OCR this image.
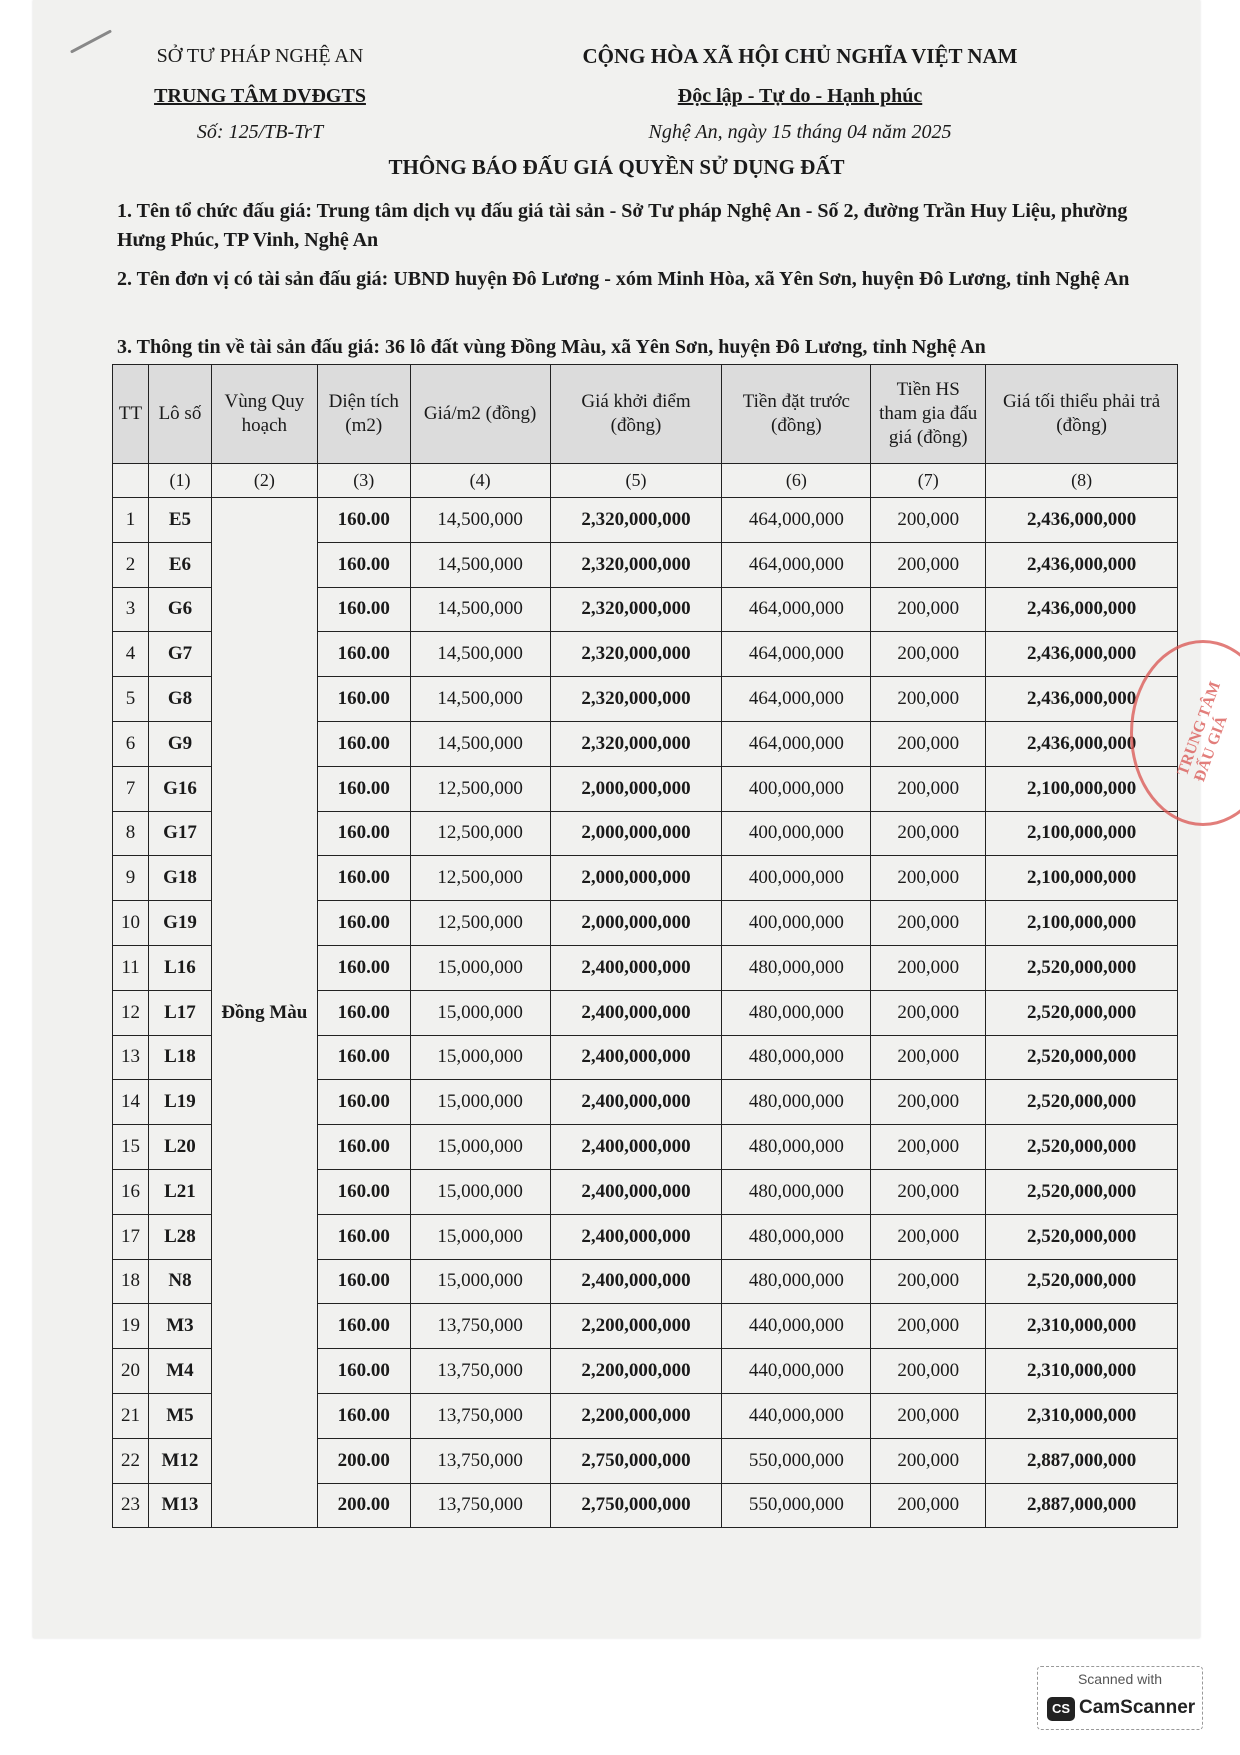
SỞ TƯ PHÁP NGHỆ AN
TRUNG TÂM DVĐGTS
Số: 125/TB-TrT
CỘNG HÒA XÃ HỘI CHỦ NGHĨA VIỆT NAM
Độc lập - Tự do - Hạnh phúc
Nghệ An, ngày 15 tháng 04 năm 2025
THÔNG BÁO ĐẤU GIÁ QUYỀN SỬ DỤNG ĐẤT
1. Tên tổ chức đấu giá: Trung tâm dịch vụ đấu giá tài sản - Sở Tư pháp Nghệ An - Số 2, đường Trần Huy Liệu, phường Hưng Phúc, TP Vinh, Nghệ An
2. Tên đơn vị có tài sản đấu giá: UBND huyện Đô Lương - xóm Minh Hòa, xã Yên Sơn, huyện Đô Lương, tỉnh Nghệ An
3. Thông tin về tài sản đấu giá: 36 lô đất vùng Đồng Màu, xã Yên Sơn, huyện Đô Lương, tỉnh Nghệ An
TT	Lô số	Vùng Quy hoạch	Diện tích (m2)	Giá/m2 (đồng)	Giá khởi điểm (đồng)	Tiền đặt trước (đồng)	Tiền HS tham gia đấu giá (đồng)	Giá tối thiểu phải trả (đồng)
	(1)	(2)	(3)	(4)	(5)	(6)	(7)	(8)
1	E5	Đồng Màu	160.00	14,500,000	2,320,000,000	464,000,000	200,000	2,436,000,000
2	E6		160.00	14,500,000	2,320,000,000	464,000,000	200,000	2,436,000,000
3	G6		160.00	14,500,000	2,320,000,000	464,000,000	200,000	2,436,000,000
4	G7		160.00	14,500,000	2,320,000,000	464,000,000	200,000	2,436,000,000
5	G8		160.00	14,500,000	2,320,000,000	464,000,000	200,000	2,436,000,000
6	G9		160.00	14,500,000	2,320,000,000	464,000,000	200,000	2,436,000,000
7	G16		160.00	12,500,000	2,000,000,000	400,000,000	200,000	2,100,000,000
8	G17		160.00	12,500,000	2,000,000,000	400,000,000	200,000	2,100,000,000
9	G18		160.00	12,500,000	2,000,000,000	400,000,000	200,000	2,100,000,000
10	G19		160.00	12,500,000	2,000,000,000	400,000,000	200,000	2,100,000,000
11	L16		160.00	15,000,000	2,400,000,000	480,000,000	200,000	2,520,000,000
12	L17		160.00	15,000,000	2,400,000,000	480,000,000	200,000	2,520,000,000
13	L18		160.00	15,000,000	2,400,000,000	480,000,000	200,000	2,520,000,000
14	L19		160.00	15,000,000	2,400,000,000	480,000,000	200,000	2,520,000,000
15	L20		160.00	15,000,000	2,400,000,000	480,000,000	200,000	2,520,000,000
16	L21		160.00	15,000,000	2,400,000,000	480,000,000	200,000	2,520,000,000
17	L28		160.00	15,000,000	2,400,000,000	480,000,000	200,000	2,520,000,000
18	N8		160.00	15,000,000	2,400,000,000	480,000,000	200,000	2,520,000,000
19	M3		160.00	13,750,000	2,200,000,000	440,000,000	200,000	2,310,000,000
20	M4		160.00	13,750,000	2,200,000,000	440,000,000	200,000	2,310,000,000
21	M5		160.00	13,750,000	2,200,000,000	440,000,000	200,000	2,310,000,000
22	M12		200.00	13,750,000	2,750,000,000	550,000,000	200,000	2,887,000,000
23	M13		200.00	13,750,000	2,750,000,000	550,000,000	200,000	2,887,000,000
TRUNG TÂM ĐẤU GIÁ
Scanned with
CS CamScanner
